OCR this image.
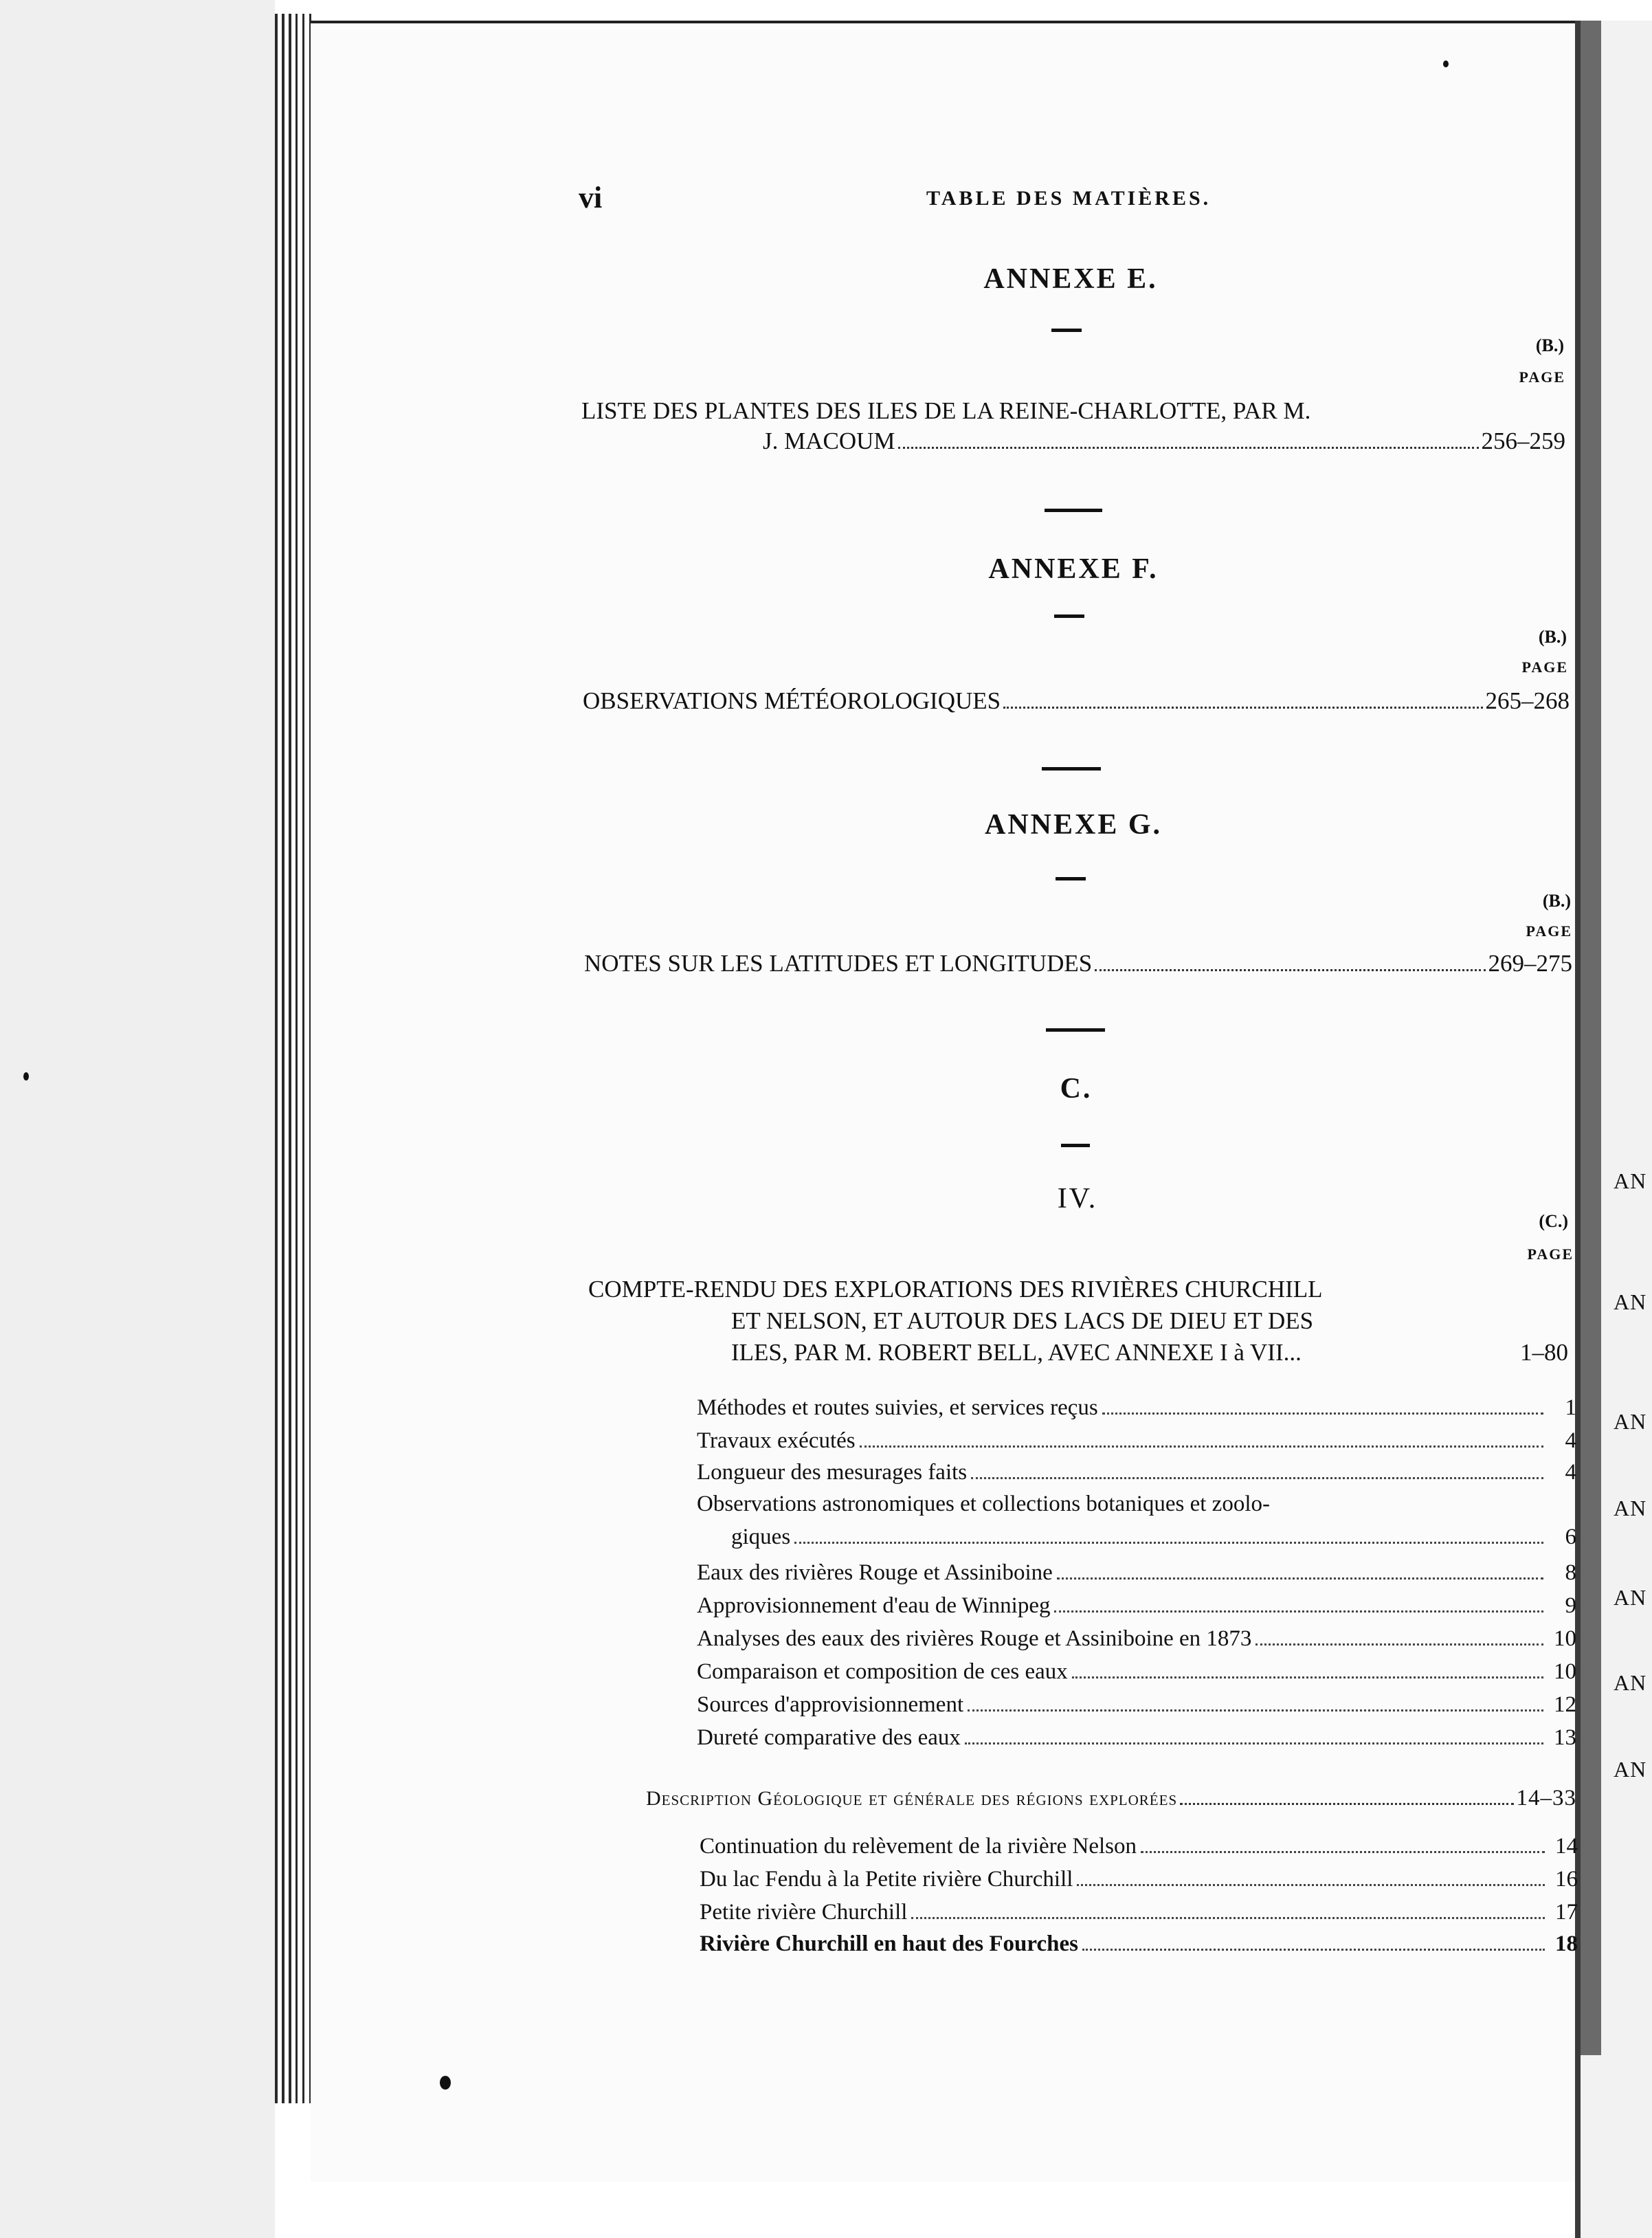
vi	TABLE DES MATIÈRES.
ANNEXE E.
(B.)
PAGE
LISTE DES PLANTES DES ILES DE LA REINE-CHARLOTTE, PAR M.
J. MACOUM	256–259
ANNEXE F.
(B.)
PAGE
OBSERVATIONS MÉTÉOROLOGIQUES	265–268
ANNEXE G.
(B.)
PAGE
NOTES SUR LES LATITUDES ET LONGITUDES	269–275
C.
IV.
(C.)
PAGE
COMPTE-RENDU DES EXPLORATIONS DES RIVIÈRES CHURCHILL
ET NELSON, ET AUTOUR DES LACS DE DIEU ET DES
ILES, PAR M. ROBERT BELL, AVEC ANNEXE I à VII...	1–80
Méthodes et routes suivies, et services reçus	1
Travaux exécutés	4
Longueur des mesurages faits	4
Observations astronomiques et collections botaniques et zoolo-
giques	6
Eaux des rivières Rouge et Assiniboine	8
Approvisionnement d'eau de Winnipeg	9
Analyses des eaux des rivières Rouge et Assiniboine en 1873	10
Comparaison et composition de ces eaux	10
Sources d'approvisionnement	12
Dureté comparative des eaux	13
Description Géologique et générale des régions explorées	14–33
Continuation du relèvement de la rivière Nelson	14
Du lac Fendu à la Petite rivière Churchill	16
Petite rivière Churchill	17
Rivière Churchill en haut des Fourches	18
AN
AN
AN
AN
AN
AN
AN
